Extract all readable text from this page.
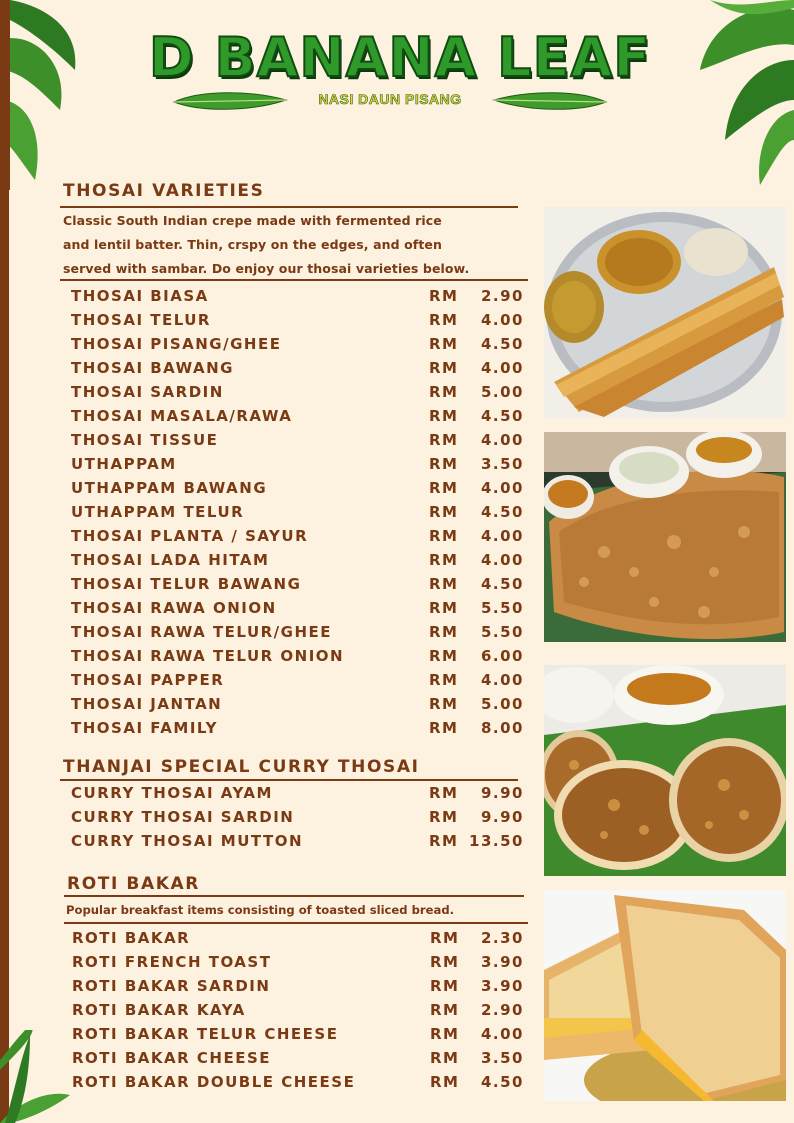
D BANANA LEAF
NASI DAUN PISANG
THOSAI VARIETIES
Classic South Indian crepe made with fermented rice
and lentil batter. Thin, crspy on the edges, and often
served with sambar. Do enjoy our thosai varieties below.
THOSAI BIASA	RM 2.90
THOSAI TELUR	RM 4.00
THOSAI PISANG/GHEE	RM 4.50
THOSAI BAWANG	RM 4.00
THOSAI SARDIN	RM 5.00
THOSAI MASALA/RAWA	RM 4.50
THOSAI TISSUE	RM 4.00
UTHAPPAM	RM 3.50
UTHAPPAM BAWANG	RM 4.00
UTHAPPAM TELUR	RM 4.50
THOSAI PLANTA / SAYUR	RM 4.00
THOSAI LADA HITAM	RM 4.00
THOSAI TELUR BAWANG	RM 4.50
THOSAI RAWA ONION	RM 5.50
THOSAI RAWA TELUR/GHEE	RM 5.50
THOSAI RAWA TELUR ONION	RM 6.00
THOSAI PAPPER	RM 4.00
THOSAI JANTAN	RM 5.00
THOSAI FAMILY	RM 8.00
THANJAI SPECIAL CURRY THOSAI
CURRY THOSAI AYAM	RM 9.90
CURRY THOSAI SARDIN	RM 9.90
CURRY THOSAI MUTTON	RM 13.50
ROTI BAKAR
Popular breakfast items consisting of toasted sliced bread.
ROTI BAKAR	RM 2.30
ROTI FRENCH TOAST	RM 3.90
ROTI BAKAR SARDIN	RM 3.90
ROTI BAKAR KAYA	RM 2.90
ROTI BAKAR TELUR CHEESE	RM 4.00
ROTI BAKAR CHEESE	RM 3.50
ROTI BAKAR DOUBLE CHEESE	RM 4.50
